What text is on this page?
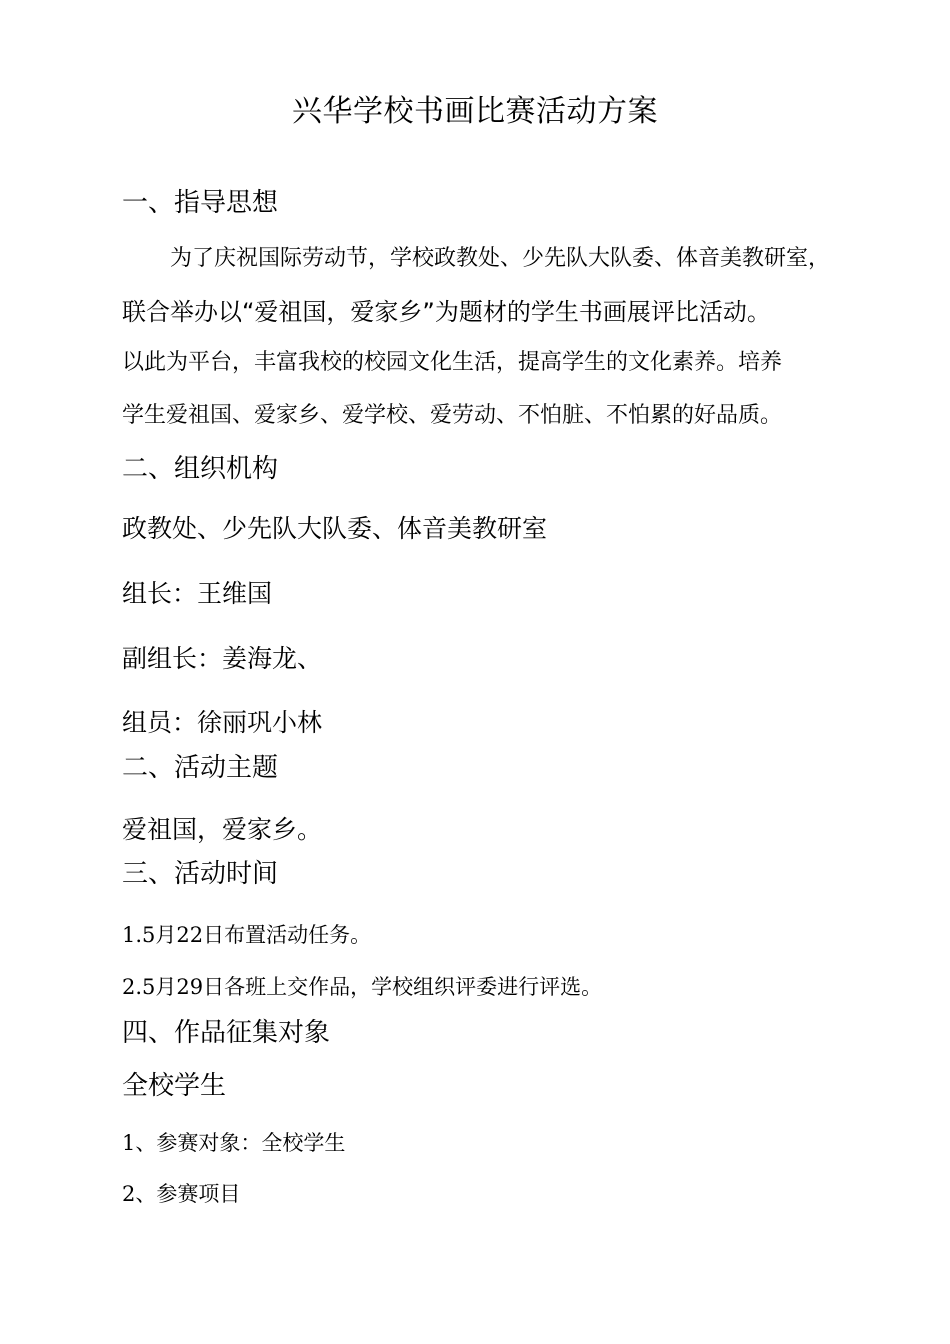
兴华学校书画比赛活动方案
一、指导思想
为了庆祝国际劳动节，学校政教处、少先队大队委、体音美教研室，
联合举办以“爱祖国，爱家乡”为题材的学生书画展评比活动。
以此为平台，丰富我校的校园文化生活，提高学生的文化素养。培养
学生爱祖国、爱家乡、爱学校、爱劳动、不怕脏、不怕累的好品质。
二、组织机构
政教处、少先队大队委、体音美教研室
组长：王维国
副组长：姜海龙、
组员：徐丽巩小林
二、活动主题
爱祖国，爱家乡。
三、活动时间
1.5月22日布置活动任务。
2.5月29日各班上交作品，学校组织评委进行评选。
四、作品征集对象
全校学生
1、参赛对象：全校学生
2、参赛项目
